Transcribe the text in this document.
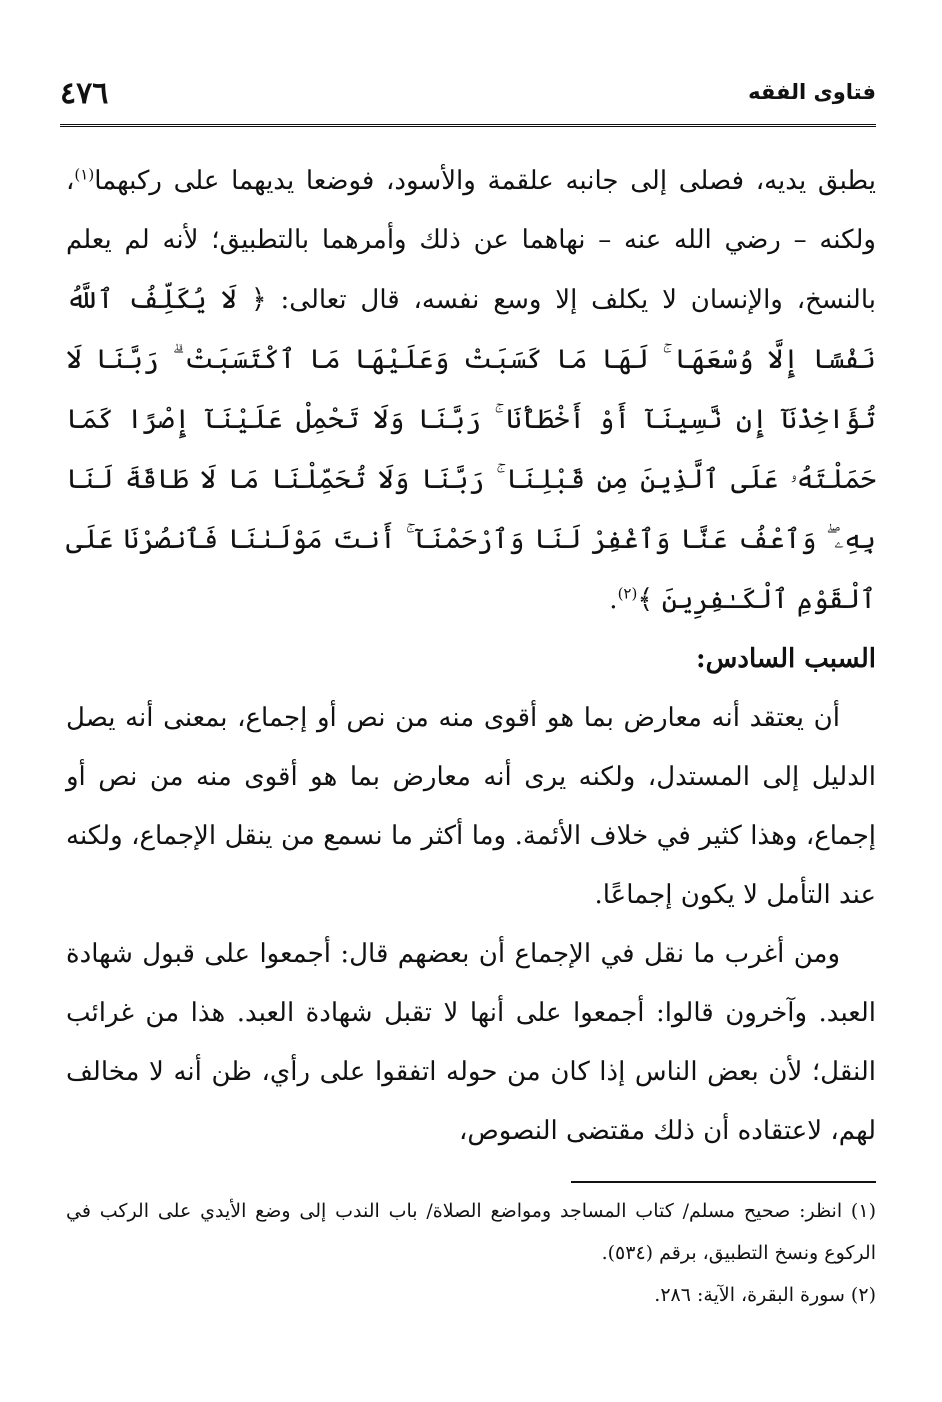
فتاوى الفقه
٤٧٦

يطبق يديه، فصلى إلى جانبه علقمة والأسود، فوضعا يديهما على ركبهما$^{(١)}$، ولكنه – رضي الله عنه – نهاهما عن ذلك وأمرهما بالتطبيق؛ لأنه لم يعلم بالنسخ، والإنسان لا يكلف إلا وسع نفسه، قال تعالى: ﴿ لَا يُكَلِّفُ ٱللَّهُ نَفْسًا إِلَّا وُسْعَهَا ۚ لَهَا مَا كَسَبَتْ وَعَلَيْهَا مَا ٱكْتَسَبَتْ ۗ رَبَّنَا لَا تُؤَاخِذْنَآ إِن نَّسِينَآ أَوْ أَخْطَأْنَا ۚ رَبَّنَا وَلَا تَحْمِلْ عَلَيْنَآ إِصْرًا كَمَا حَمَلْتَهُۥ عَلَى ٱلَّذِينَ مِن قَبْلِنَا ۚ رَبَّنَا وَلَا تُحَمِّلْنَا مَا لَا طَاقَةَ لَنَا بِهِۦ ۖ وَٱعْفُ عَنَّا وَٱغْفِرْ لَنَا وَٱرْحَمْنَآ ۚ أَنتَ مَوْلَىٰنَا فَٱنصُرْنَا عَلَى ٱلْقَوْمِ ٱلْكَـٰفِرِينَ ﴾$^{(٢)}$.

السبب السادس:

أن يعتقد أنه معارض بما هو أقوى منه من نص أو إجماع، بمعنى أنه يصل الدليل إلى المستدل، ولكنه يرى أنه معارض بما هو أقوى منه من نص أو إجماع، وهذا كثير في خلاف الأئمة. وما أكثر ما نسمع من ينقل الإجماع، ولكنه عند التأمل لا يكون إجماعًا.

ومن أغرب ما نقل في الإجماع أن بعضهم قال: أجمعوا على قبول شهادة العبد. وآخرون قالوا: أجمعوا على أنها لا تقبل شهادة العبد. هذا من غرائب النقل؛ لأن بعض الناس إذا كان من حوله اتفقوا على رأي، ظن أنه لا مخالف لهم، لاعتقاده أن ذلك مقتضى النصوص،

(١) انظر: صحيح مسلم/ كتاب المساجد ومواضع الصلاة/ باب الندب إلى وضع الأيدي على الركب في الركوع ونسخ التطبيق، برقم (٥٣٤).

(٢) سورة البقرة، الآية: ٢٨٦.
